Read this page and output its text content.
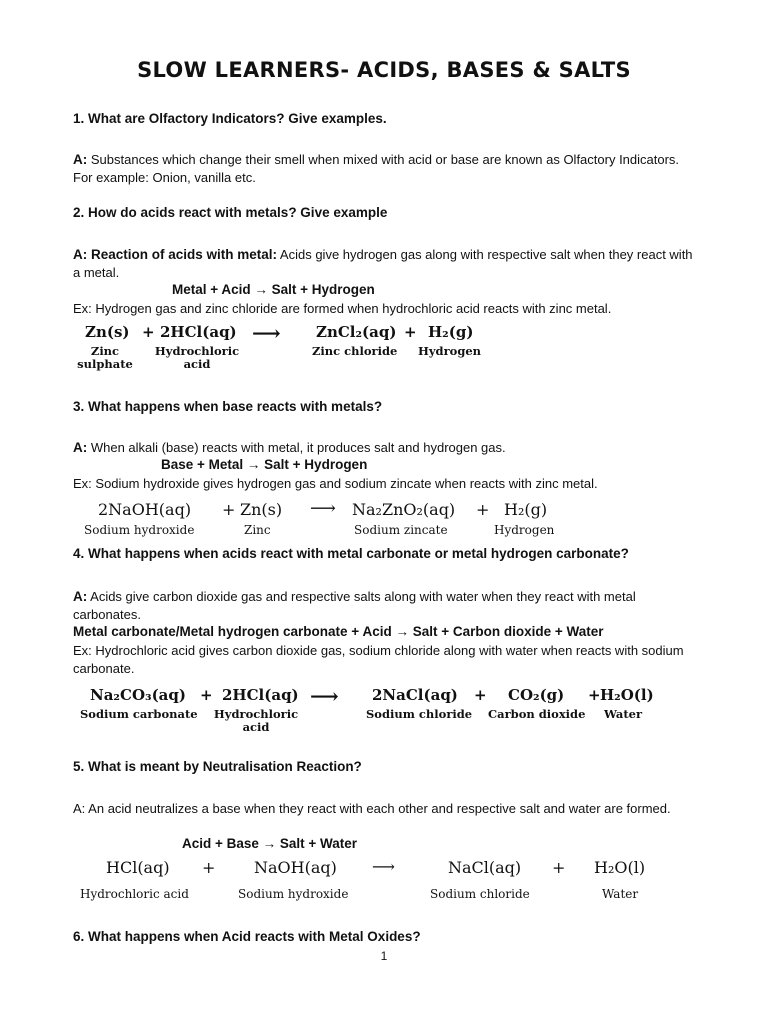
SLOW LEARNERS- ACIDS, BASES & SALTS
1. What are Olfactory Indicators? Give examples.
A: Substances which change their smell when mixed with acid or base are known as Olfactory Indicators. For example: Onion, vanilla etc.
2. How do acids react with metals? Give example
A: Reaction of acids with metal: Acids give hydrogen gas along with respective salt when they react with a metal.
Metal + Acid → Salt + Hydrogen
Ex: Hydrogen gas and zinc chloride are formed when hydrochloric acid reacts with zinc metal.
Zn(s) + 2HCl(aq) ⟶ ZnCl₂(aq) + H₂(g)
Zinc sulphate
Hydrochloric acid
Zinc chloride Hydrogen
3. What happens when base reacts with metals?
A: When alkali (base) reacts with metal, it produces salt and hydrogen gas.
Base + Metal → Salt + Hydrogen
Ex: Sodium hydroxide gives hydrogen gas and sodium zincate when reacts with zinc metal.
2NaOH(aq) + Zn(s) ⟶ Na₂ZnO₂(aq) + H₂(g)
Sodium hydroxide	Zinc	Sodium zincate	Hydrogen
4. What happens when acids react with metal carbonate or metal hydrogen carbonate?
A: Acids give carbon dioxide gas and respective salts along with water when they react with metal carbonates.
Metal carbonate/Metal hydrogen carbonate + Acid → Salt + Carbon dioxide + Water
Ex: Hydrochloric acid gives carbon dioxide gas, sodium chloride along with water when reacts with sodium carbonate.
Na₂CO₃(aq) + 2HCl(aq) ⟶ 2NaCl(aq) + CO₂(g) + H₂O(l)
Sodium carbonate	Hydrochloric acid
Sodium chloride Carbon dioxide Water
5. What is meant by Neutralisation Reaction?
A: An acid neutralizes a base when they react with each other and respective salt and water are formed.
Acid + Base → Salt + Water
HCl(aq) + NaOH(aq) ⟶	NaCl(aq) + H₂O(l)
Hydrochloric acid	Sodium hydroxide	Sodium chloride	Water
6. What happens when Acid reacts with Metal Oxides?
1
